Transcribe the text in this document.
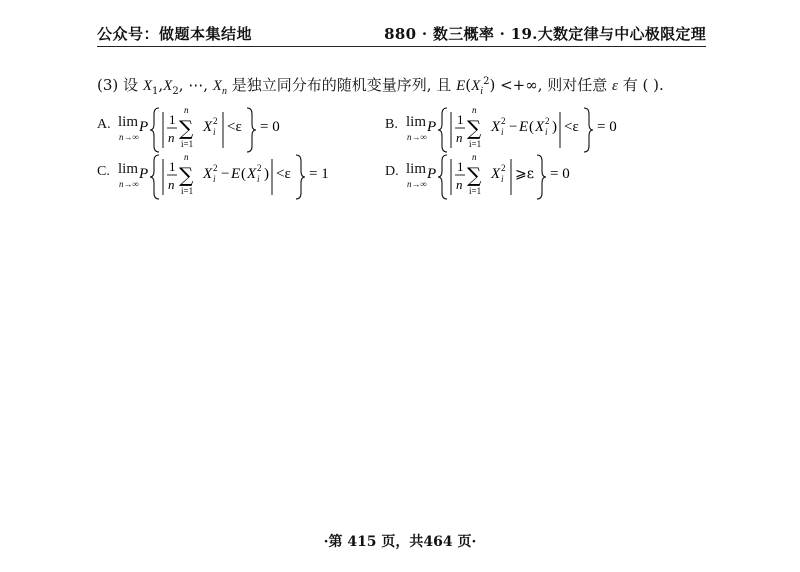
公众号：做题本集结地	880 · 数三概率 · 19.大数定律与中心极限定理
(3) 设 $X_1,X_2$, ⋯, $X_n$ 是独立同分布的随机变量序列, 且 $E(X_i^2)$ <+∞, 则对任意 ε 有 ( ).
A. lim
n→∞
P 1
n
n
∑
i=1
X i
2 <ε = 0	B. lim
n→∞
P 1
n
n
∑
i=1
X i
2 − E ( X i
2 ) <ε = 0
C. lim
n→∞
P 1
n
n
∑
i=1
X i
2 − E ( X i
2 ) <ε = 1	D. lim
n→∞
P 1
n
n
∑
i=1
X i
2 ⩾ε = 0
·第 415 页，共464 页·
